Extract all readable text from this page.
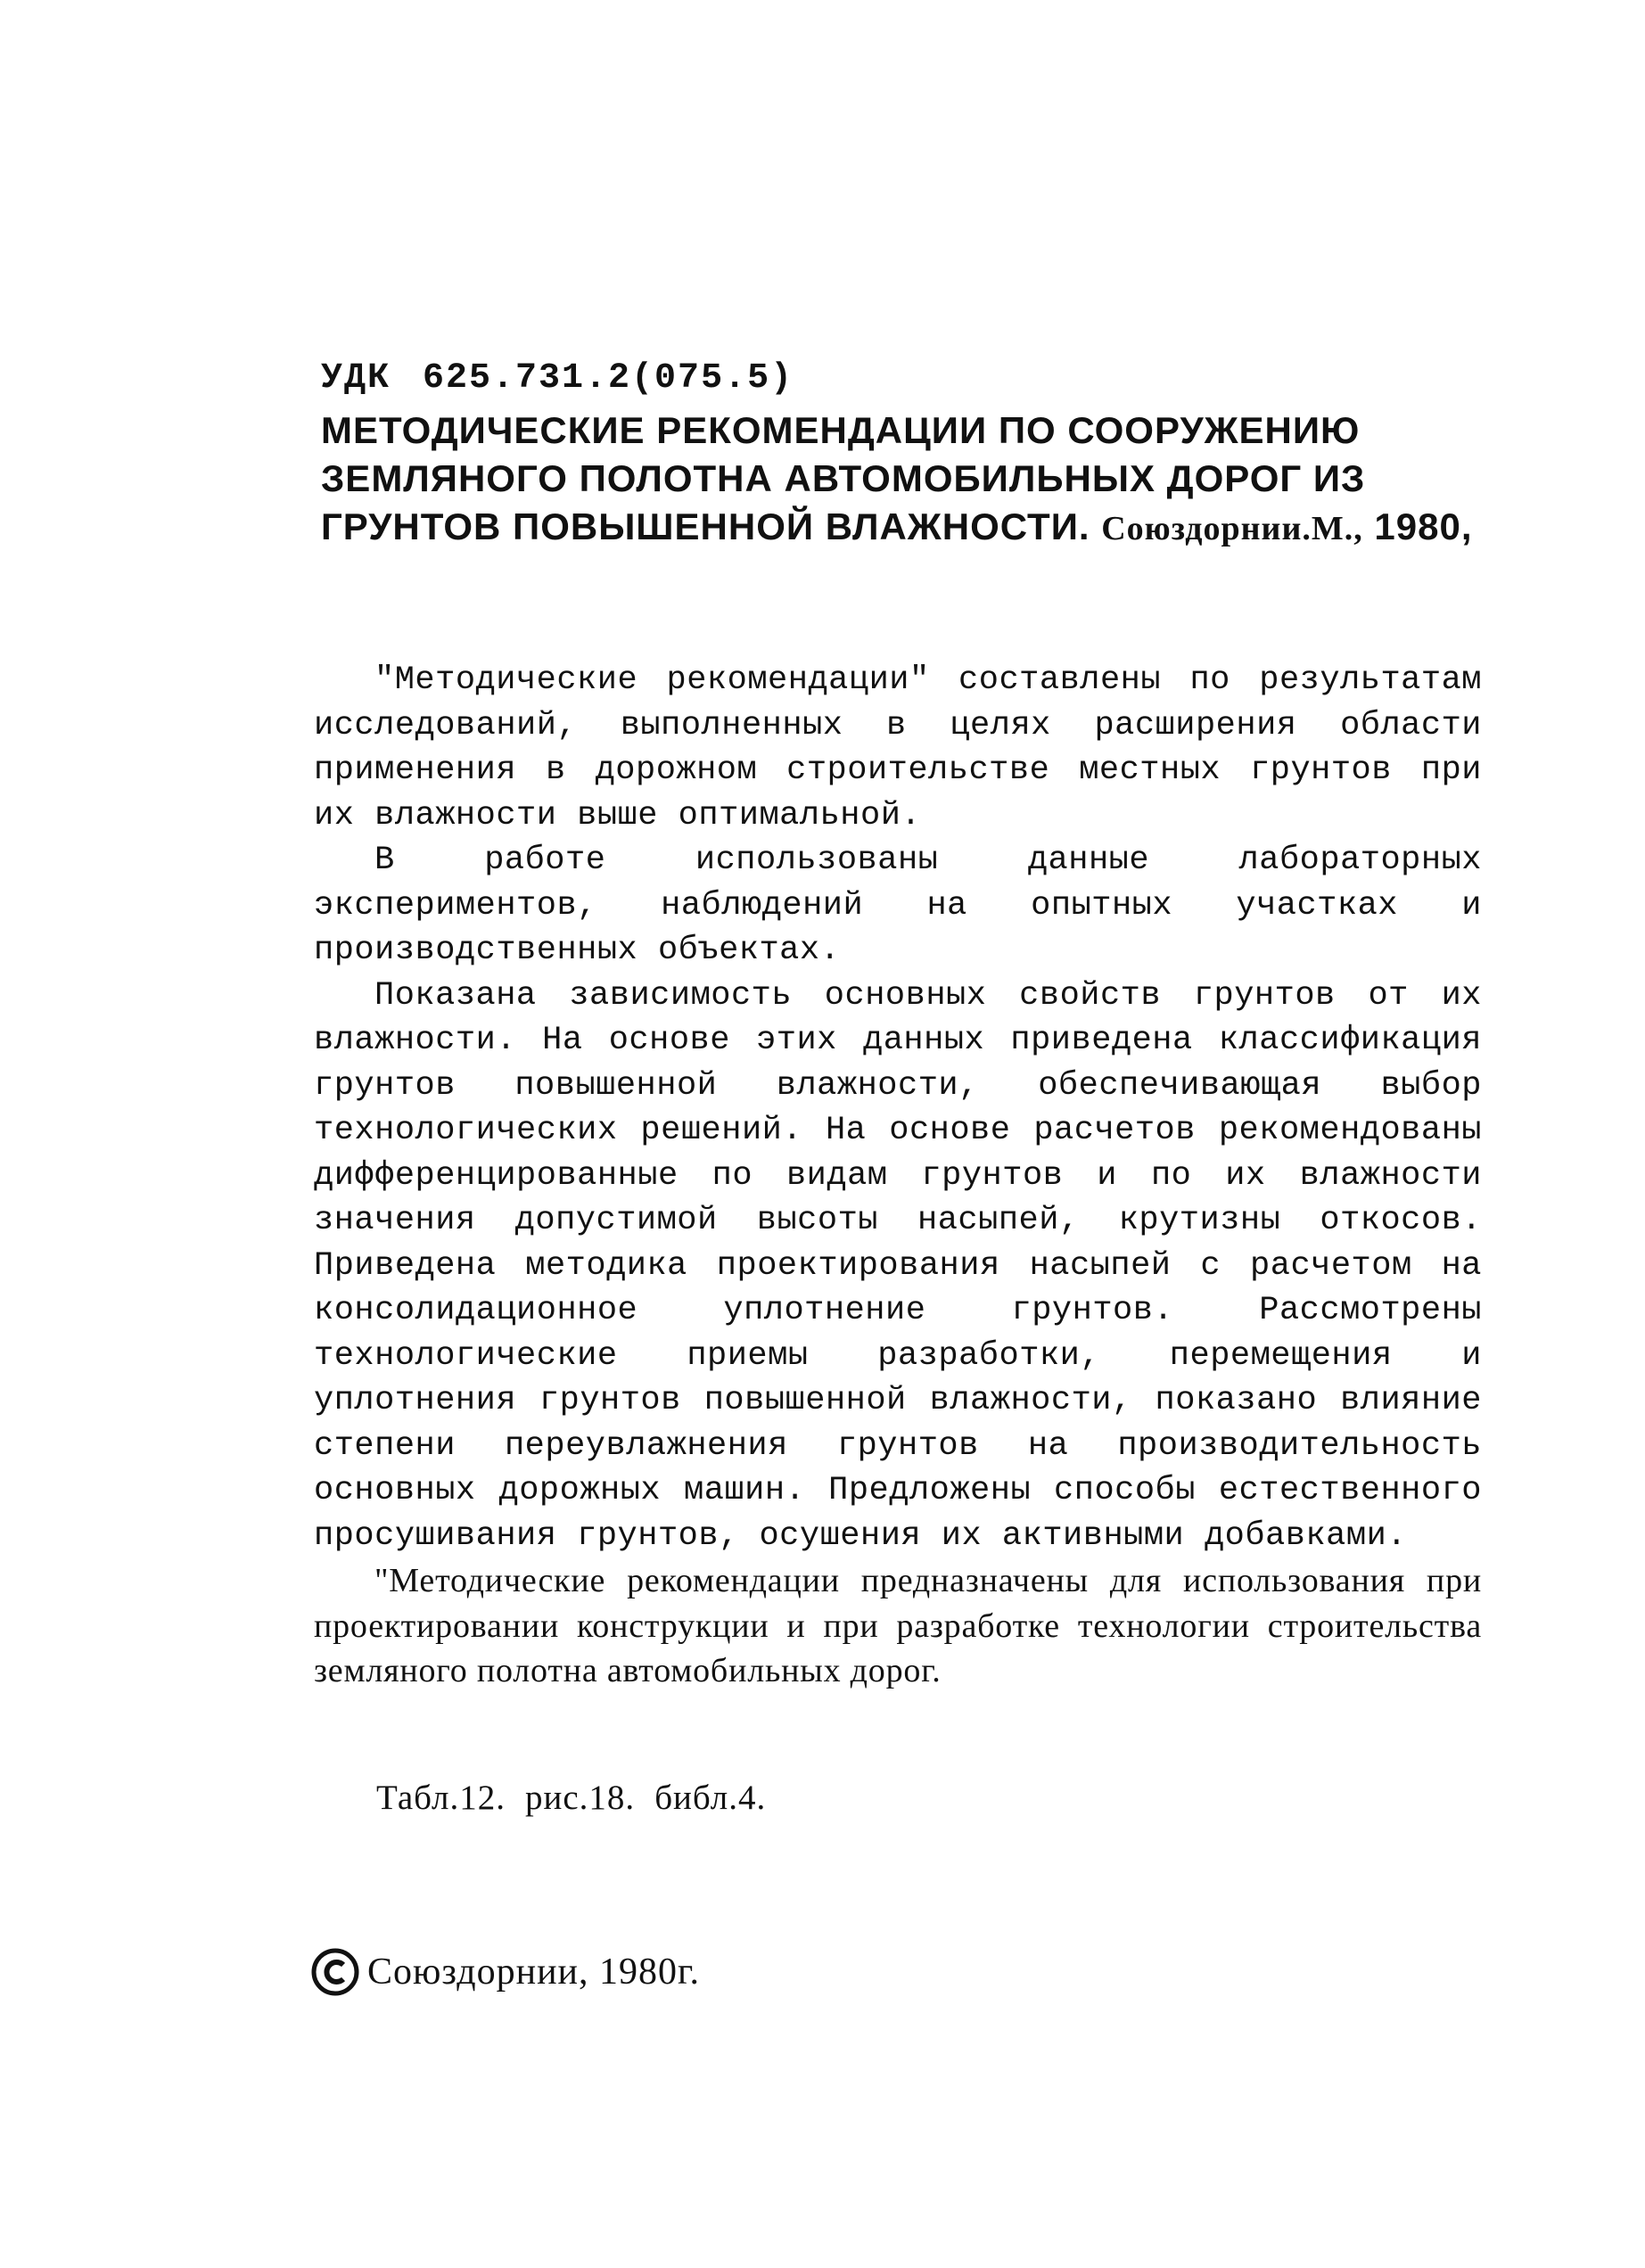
УДК 625.731.2(075.5)
МЕТОДИЧЕСКИЕ РЕКОМЕНДАЦИИ ПО СООРУЖЕНИЮ ЗЕМЛЯНОГО ПОЛОТНА АВТОМОБИЛЬНЫХ ДОРОГ ИЗ ГРУНТОВ ПОВЫШЕННОЙ ВЛАЖНОСТИ. Союздорнии.М., 1980,

"Методические рекомендации" составлены по результатам исследований, выполненных в целях расширения области применения в дорожном строительстве местных грунтов при их влажности выше оптимальной.

В работе использованы данные лабораторных экспериментов, наблюдений на опытных участках и производственных объектах.

Показана зависимость основных свойств грунтов от их влажности. На основе этих данных приведена классификация грунтов повышенной влажности, обеспечивающая выбор технологических решений. На основе расчетов рекомендованы дифференцированные по видам грунтов и по их влажности значения допустимой высоты насыпей, крутизны откосов. Приведена методика проектирования насыпей с расчетом на консолидационное уплотнение грунтов. Рассмотрены технологические приемы разработки, перемещения и уплотнения грунтов повышенной влажности, показано влияние степени переувлажнения грунтов на производительность основных дорожных машин. Предложены способы естественного просушивания грунтов, осушения их активными добавками.

"Методические рекомендации предназначены для использования при проектировании конструкции и при разработке технологии строительства земляного полотна автомобильных дорог.

Табл.12. рис.18. библ.4.
Союздорнии, 1980г.
